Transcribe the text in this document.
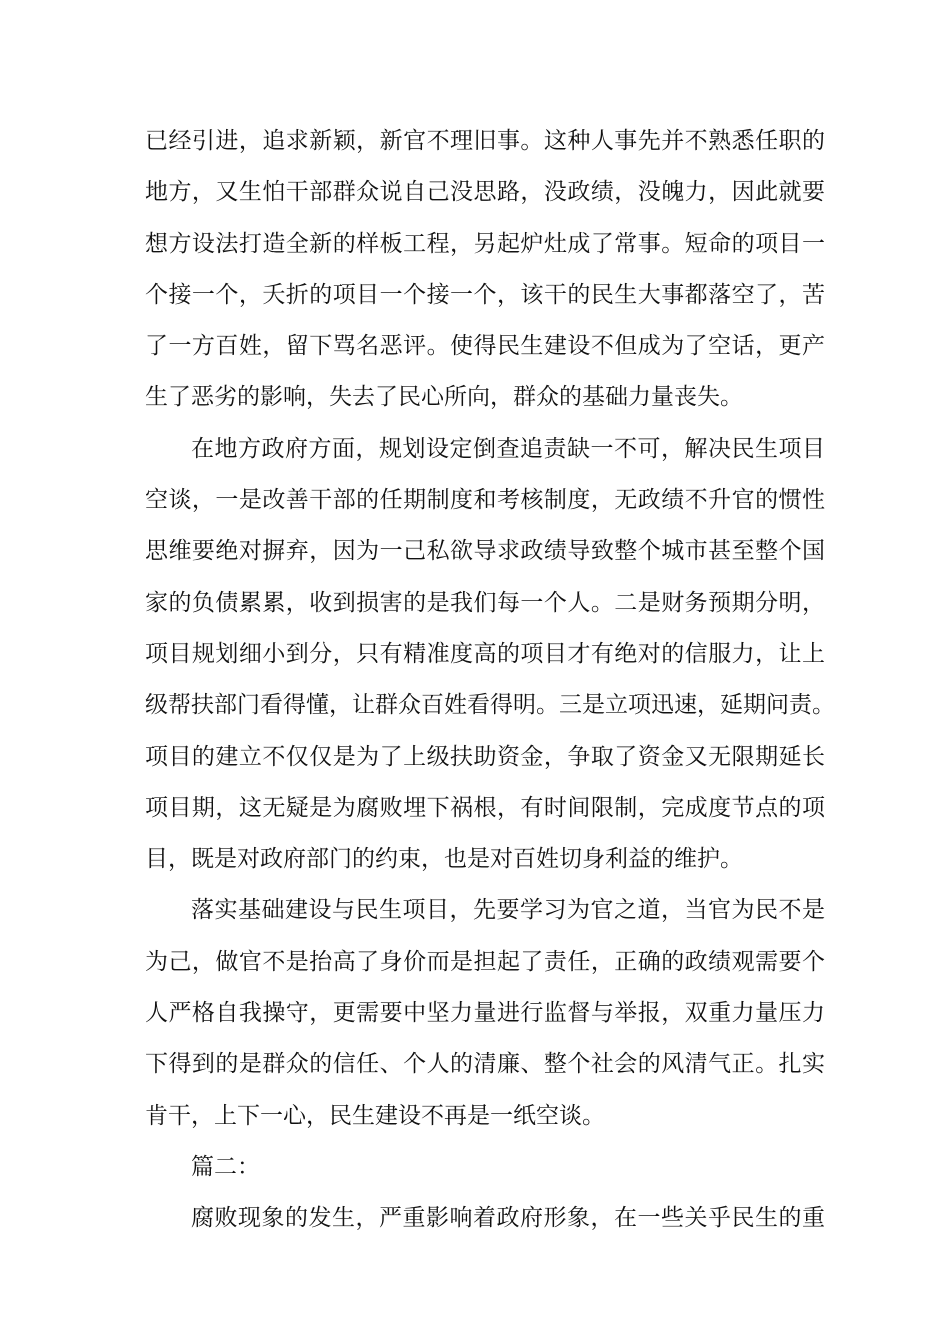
已经引进，追求新颖，新官不理旧事。这种人事先并不熟悉任职的
地方，又生怕干部群众说自己没思路，没政绩，没魄力，因此就要
想方设法打造全新的样板工程，另起炉灶成了常事。短命的项目一
个接一个，夭折的项目一个接一个，该干的民生大事都落空了，苦
了一方百姓，留下骂名恶评。使得民生建设不但成为了空话，更产
生了恶劣的影响，失去了民心所向，群众的基础力量丧失。
在地方政府方面，规划设定倒查追责缺一不可，解决民生项目
空谈，一是改善干部的任期制度和考核制度，无政绩不升官的惯性
思维要绝对摒弃，因为一己私欲导求政绩导致整个城市甚至整个国
家的负债累累，收到损害的是我们每一个人。二是财务预期分明，
项目规划细小到分，只有精准度高的项目才有绝对的信服力，让上
级帮扶部门看得懂，让群众百姓看得明。三是立项迅速，延期问责。
项目的建立不仅仅是为了上级扶助资金，争取了资金又无限期延长
项目期，这无疑是为腐败埋下祸根，有时间限制，完成度节点的项
目，既是对政府部门的约束，也是对百姓切身利益的维护。
落实基础建设与民生项目，先要学习为官之道，当官为民不是
为己，做官不是抬高了身价而是担起了责任，正确的政绩观需要个
人严格自我操守，更需要中坚力量进行监督与举报，双重力量压力
下得到的是群众的信任、个人的清廉、整个社会的风清气正。扎实
肯干，上下一心，民生建设不再是一纸空谈。
篇二：
腐败现象的发生，严重影响着政府形象，在一些关乎民生的重
